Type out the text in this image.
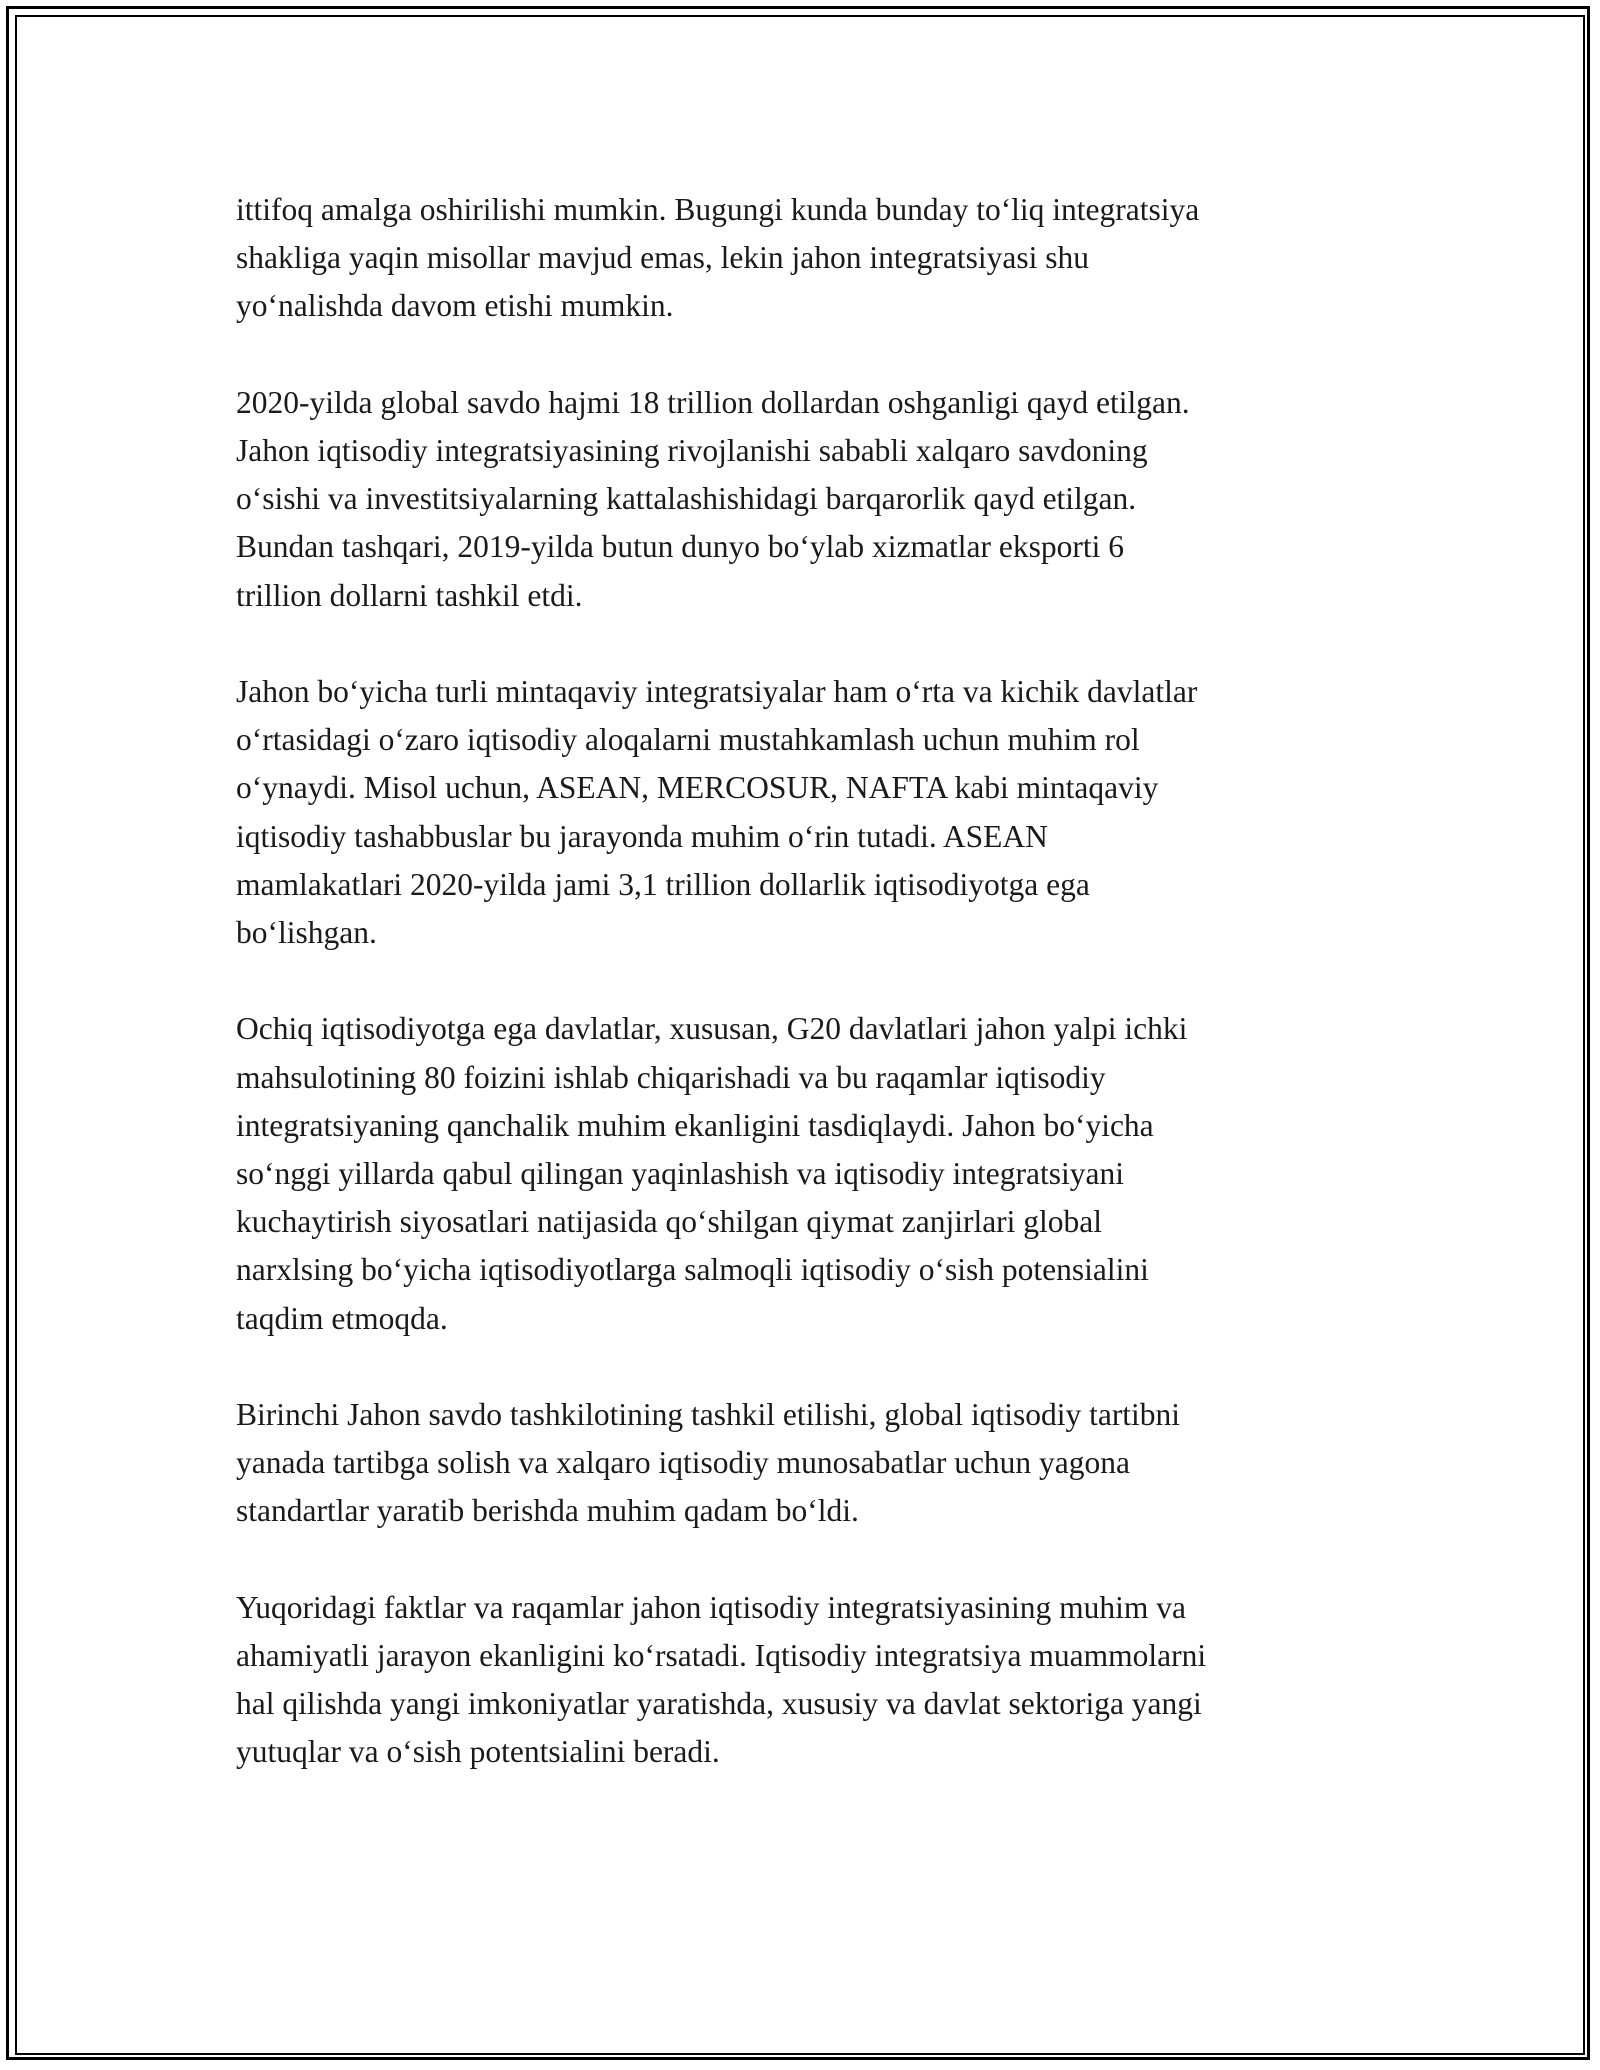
ittifoq amalga oshirilishi mumkin. Bugungi kunda bunday to‘liq integratsiya
shakliga yaqin misollar mavjud emas, lekin jahon integratsiyasi shu
yo‘nalishda davom etishi mumkin.

2020-yilda global savdo hajmi 18 trillion dollardan oshganligi qayd etilgan.
Jahon iqtisodiy integratsiyasining rivojlanishi sababli xalqaro savdoning
o‘sishi va investitsiyalarning kattalashishidagi barqarorlik qayd etilgan.
Bundan tashqari, 2019-yilda butun dunyo bo‘ylab xizmatlar eksporti 6
trillion dollarni tashkil etdi.

Jahon bo‘yicha turli mintaqaviy integratsiyalar ham o‘rta va kichik davlatlar
o‘rtasidagi o‘zaro iqtisodiy aloqalarni mustahkamlash uchun muhim rol
o‘ynaydi. Misol uchun, ASEAN, MERCOSUR, NAFTA kabi mintaqaviy
iqtisodiy tashabbuslar bu jarayonda muhim o‘rin tutadi. ASEAN
mamlakatlari 2020-yilda jami 3,1 trillion dollarlik iqtisodiyotga ega
bo‘lishgan.

Ochiq iqtisodiyotga ega davlatlar, xususan, G20 davlatlari jahon yalpi ichki
mahsulotining 80 foizini ishlab chiqarishadi va bu raqamlar iqtisodiy
integratsiyaning qanchalik muhim ekanligini tasdiqlaydi. Jahon bo‘yicha
so‘nggi yillarda qabul qilingan yaqinlashish va iqtisodiy integratsiyani
kuchaytirish siyosatlari natijasida qo‘shilgan qiymat zanjirlari global
narxlsing bo‘yicha iqtisodiyotlarga salmoqli iqtisodiy o‘sish potensialini
taqdim etmoqda.

Birinchi Jahon savdo tashkilotining tashkil etilishi, global iqtisodiy tartibni
yanada tartibga solish va xalqaro iqtisodiy munosabatlar uchun yagona
standartlar yaratib berishda muhim qadam bo‘ldi.

Yuqoridagi faktlar va raqamlar jahon iqtisodiy integratsiyasining muhim va
ahamiyatli jarayon ekanligini ko‘rsatadi. Iqtisodiy integratsiya muammolarni
hal qilishda yangi imkoniyatlar yaratishda, xususiy va davlat sektoriga yangi
yutuqlar va o‘sish potentsialini beradi.
